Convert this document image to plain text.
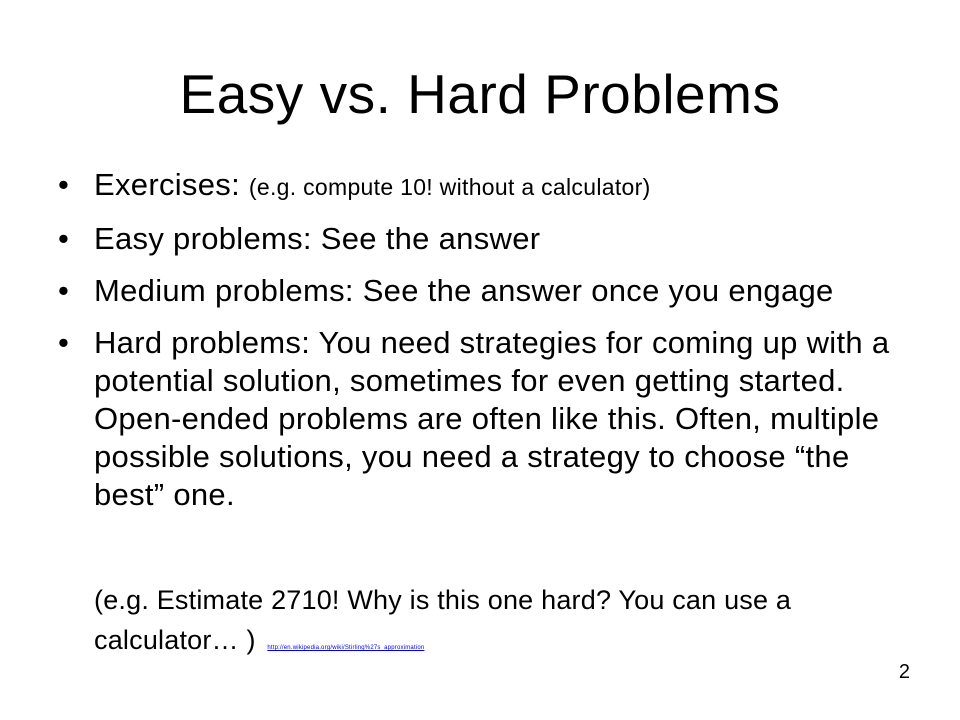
Easy vs. Hard Problems
• Exercises: (e.g. compute 10! without a calculator)
• Easy problems: See the answer
• Medium problems: See the answer once you engage
• Hard problems: You need strategies for coming up with a potential solution, sometimes for even getting started. Open-ended problems are often like this. Often, multiple possible solutions, you need a strategy to choose “the best” one.

(e.g. Estimate 2710! Why is this one hard? You can use a calculator… ) http://en.wikipedia.org/wiki/Stirling%27s_approximation

2
